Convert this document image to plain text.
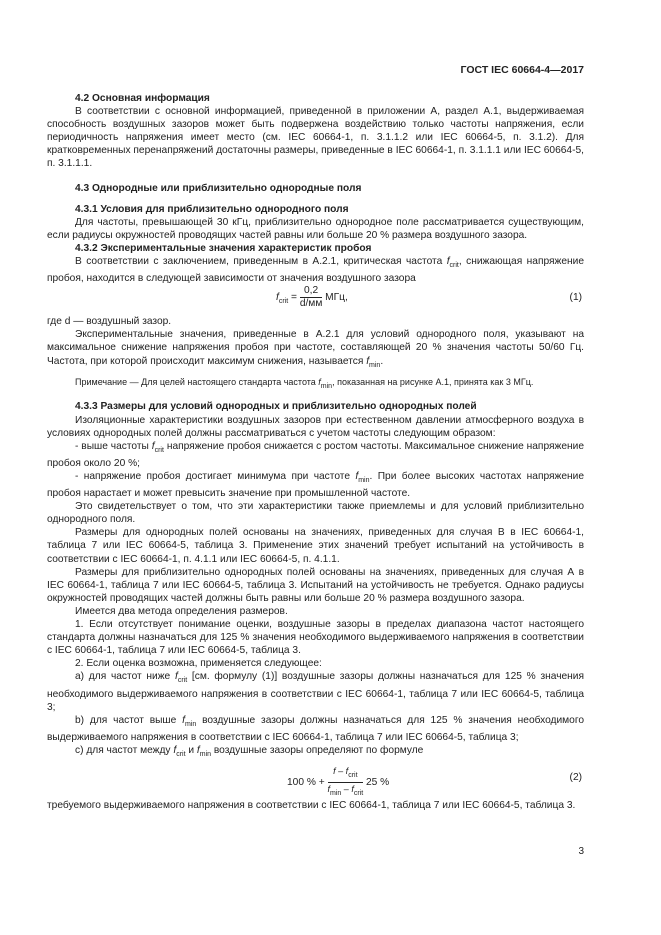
ГОСТ IEC 60664-4—2017

4.2 Основная информация

В соответствии с основной информацией, приведенной в приложении А, раздел А.1, выдерживаемая способность воздушных зазоров может быть подвержена воздействию только частоты напряжения, если периодичность напряжения имеет место (см. IEC 60664-1, п. 3.1.1.2 или IEC 60664-5, п. 3.1.2). Для кратковременных перенапряжений достаточны размеры, приведенные в IEC 60664-1, п. 3.1.1.1 или IEC 60664-5, п. 3.1.1.1.

4.3 Однородные или приблизительно однородные поля

4.3.1 Условия для приблизительно однородного поля

Для частоты, превышающей 30 кГц, приблизительно однородное поле рассматривается существующим, если радиусы окружностей проводящих частей равны или больше 20 % размера воздушного зазора.

4.3.2 Экспериментальные значения характеристик пробоя

В соответствии с заключением, приведенным в А.2.1, критическая частота $f_{crit}$, снижающая напряжение пробоя, находится в следующей зависимости от значения воздушного зазора

$f_{crit} = \frac{0,2}{d/мм}$ МГц,	(1)

где d — воздушный зазор.

Экспериментальные значения, приведенные в А.2.1 для условий однородного поля, указывают на максимальное снижение напряжения пробоя при частоте, составляющей 20 % значения частоты 50/60 Гц. Частота, при которой происходит максимум снижения, называется $f_{min}$.

Примечание — Для целей настоящего стандарта частота $f_{min}$, показанная на рисунке А.1, принята как 3 МГц.

4.3.3 Размеры для условий однородных и приблизительно однородных полей

Изоляционные характеристики воздушных зазоров при естественном давлении атмосферного воздуха в условиях однородных полей должны рассматриваться с учетом частоты следующим образом:

- выше частоты $f_{crit}$ напряжение пробоя снижается с ростом частоты. Максимальное снижение напряжение пробоя около 20 %;

- напряжение пробоя достигает минимума при частоте $f_{min}$. При более высоких частотах напряжение пробоя нарастает и может превысить значение при промышленной частоте.

Это свидетельствует о том, что эти характеристики также приемлемы и для условий приблизительно однородного поля.

Размеры для однородных полей основаны на значениях, приведенных для случая В в IEC 60664-1, таблица 7 или IEC 60664-5, таблица 3. Применение этих значений требует испытаний на устойчивость в соответствии с IEC 60664-1, п. 4.1.1 или IEC 60664-5, п. 4.1.1.

Размеры для приблизительно однородных полей основаны на значениях, приведенных для случая А в IEC 60664-1, таблица 7 или IEC 60664-5, таблица 3. Испытаний на устойчивость не требуется. Однако радиусы окружностей проводящих частей должны быть равны или больше 20 % размера воздушного зазора.

Имеется два метода определения размеров.

1. Если отсутствует понимание оценки, воздушные зазоры в пределах диапазона частот настоящего стандарта должны назначаться для 125 % значения необходимого выдерживаемого напряжения в соответствии с IEC 60664-1, таблица 7 или IEC 60664-5, таблица 3.

2. Если оценка возможна, применяется следующее:

a) для частот ниже $f_{crit}$ [см. формулу (1)] воздушные зазоры должны назначаться для 125 % значения необходимого выдерживаемого напряжения в соответствии с IEC 60664-1, таблица 7 или IEC 60664-5, таблица 3;

b) для частот выше $f_{min}$ воздушные зазоры должны назначаться для 125 % значения необходимого выдерживаемого напряжения в соответствии с IEC 60664-1, таблица 7 или IEC 60664-5, таблица 3;

c) для частот между $f_{crit}$ и $f_{min}$ воздушные зазоры определяют по формуле

100 % + $\frac{f - f_{crit}}{f_{min} - f_{crit}} 25$ %	(2)

требуемого выдерживаемого напряжения в соответствии с IEC 60664-1, таблица 7 или IEC 60664-5, таблица 3.

3
